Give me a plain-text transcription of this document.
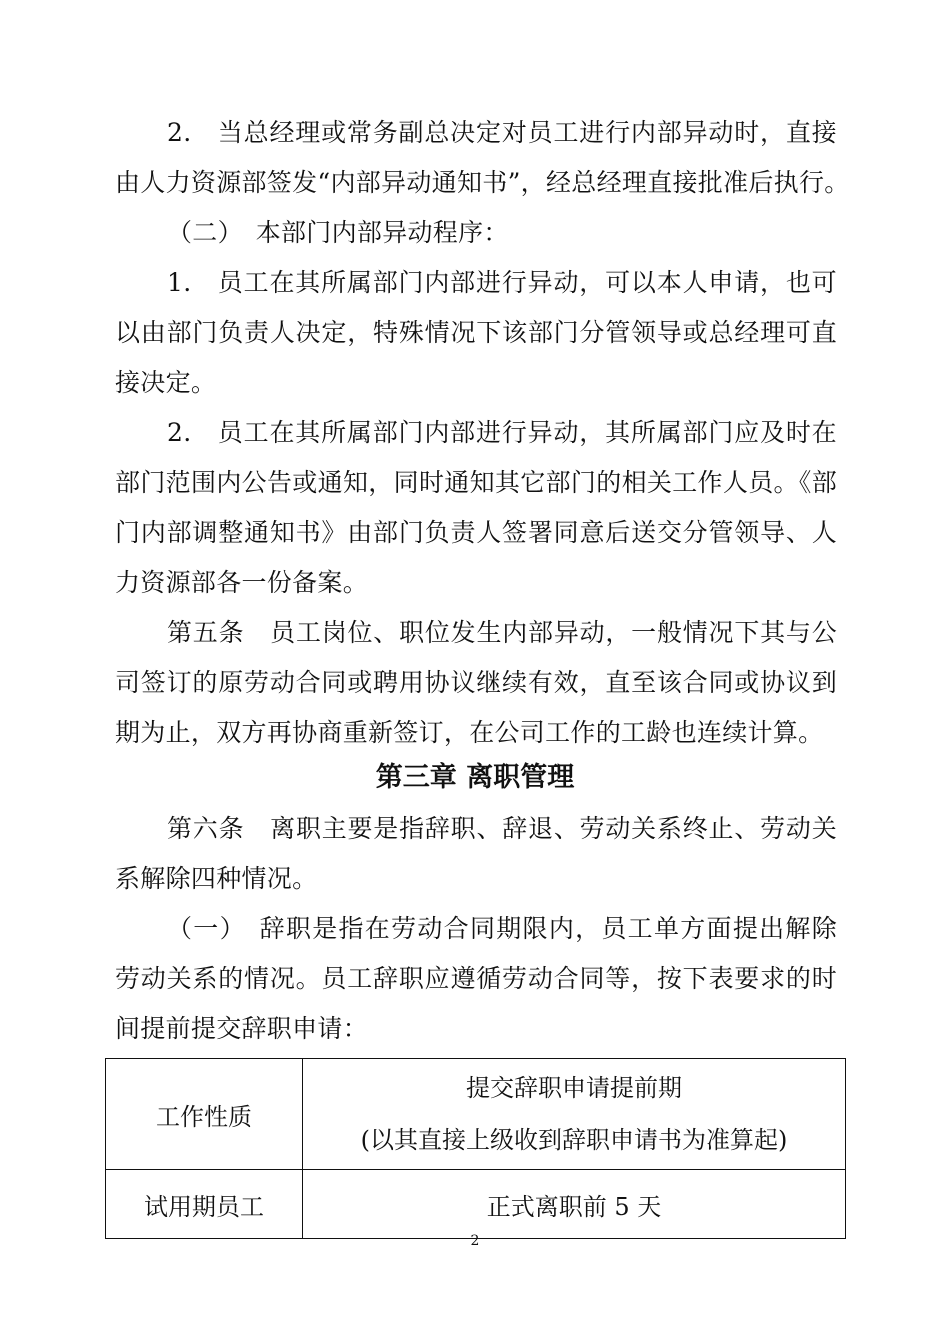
2.　当总经理或常务副总决定对员工进行内部异动时，直接
由人力资源部签发“内部异动通知书”，经总经理直接批准后执行。
（二）　本部门内部异动程序：
1.　员工在其所属部门内部进行异动，可以本人申请，也可
以由部门负责人决定，特殊情况下该部门分管领导或总经理可直
接决定。
2.　员工在其所属部门内部进行异动，其所属部门应及时在
部门范围内公告或通知，同时通知其它部门的相关工作人员。《部
门内部调整通知书》由部门负责人签署同意后送交分管领导、人
力资源部各一份备案。
第五条　员工岗位、职位发生内部异动，一般情况下其与公
司签订的原劳动合同或聘用协议继续有效，直至该合同或协议到
期为止，双方再协商重新签订，在公司工作的工龄也连续计算。
第三章 离职管理
第六条　离职主要是指辞职、辞退、劳动关系终止、劳动关
系解除四种情况。
（一）　辞职是指在劳动合同期限内，员工单方面提出解除
劳动关系的情况。员工辞职应遵循劳动合同等，按下表要求的时
间提前提交辞职申请：
工作性质	提交辞职申请提前期
(以其直接上级收到辞职申请书为准算起)

试用期员工	正式离职前 5 天
2
